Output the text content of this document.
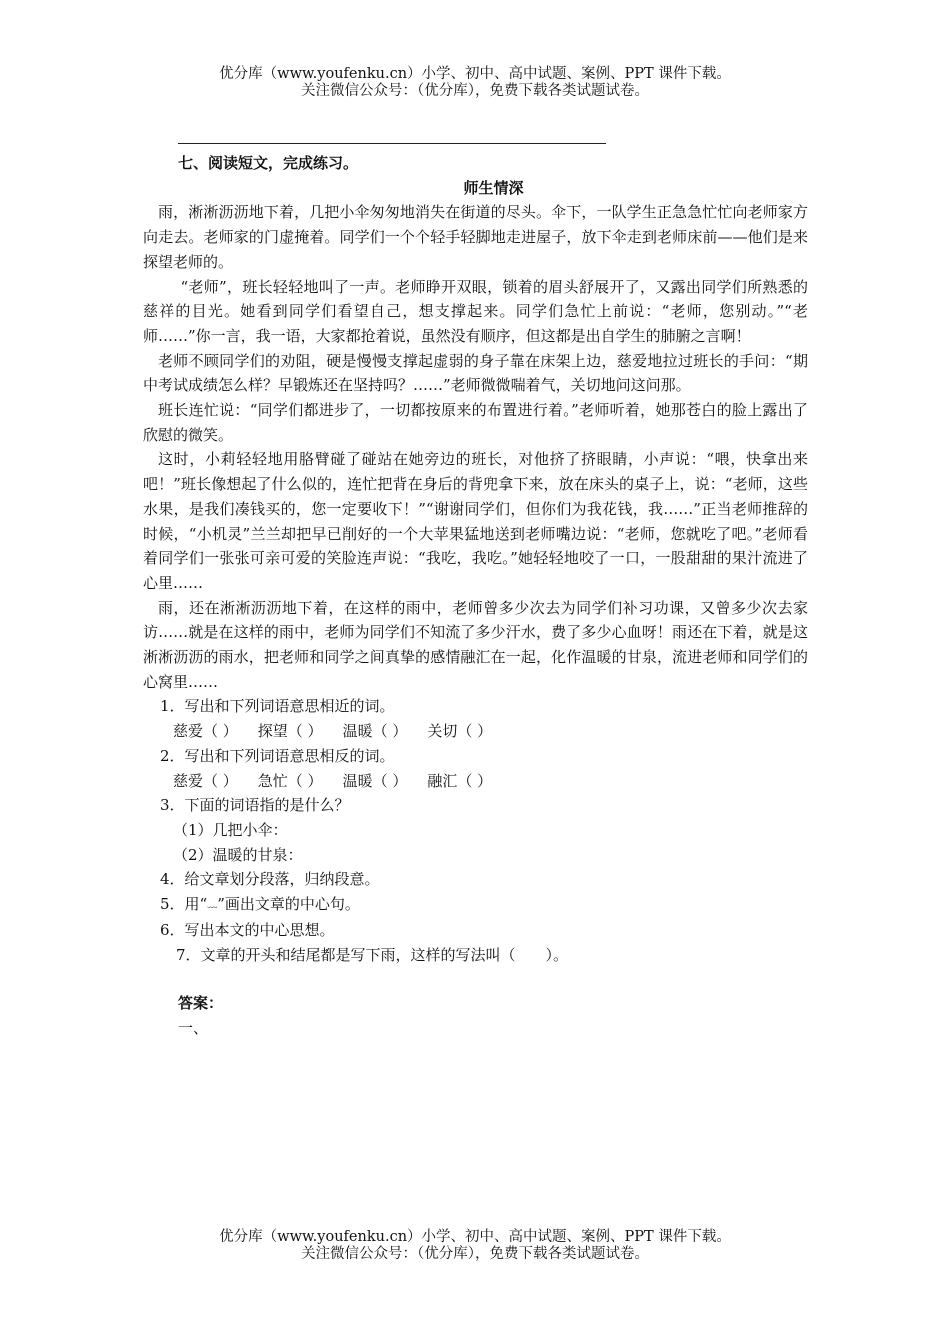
优分库（www.youfenku.cn）小学、初中、高中试题、案例、PPT 课件下载。
关注微信公众号：（优分库），免费下载各类试题试卷。
七、阅读短文，完成练习。
师生情深

雨，淅淅沥沥地下着，几把小伞匆匆地消失在街道的尽头。伞下，一队学生正急急忙忙向老师家方向走去。老师家的门虚掩着。同学们一个个轻手轻脚地走进屋子，放下伞走到老师床前——他们是来探望老师的。

“老师”，班长轻轻地叫了一声。老师睁开双眼，锁着的眉头舒展开了，又露出同学们所熟悉的慈祥的目光。她看到同学们看望自己，想支撑起来。同学们急忙上前说：“老师，您别动。”“老师……”你一言，我一语，大家都抢着说，虽然没有顺序，但这都是出自学生的肺腑之言啊！

老师不顾同学们的劝阻，硬是慢慢支撑起虚弱的身子靠在床架上边，慈爱地拉过班长的手问：“期中考试成绩怎么样？早锻炼还在坚持吗？……”老师微微喘着气，关切地问这问那。

班长连忙说：“同学们都进步了，一切都按原来的布置进行着。”老师听着，她那苍白的脸上露出了欣慰的微笑。

这时，小莉轻轻地用胳臂碰了碰站在她旁边的班长，对他挤了挤眼睛，小声说：“喂，快拿出来吧！”班长像想起了什么似的，连忙把背在身后的背兜拿下来，放在床头的桌子上，说：“老师，这些水果，是我们凑钱买的，您一定要收下！”“谢谢同学们，但你们为我花钱，我……”正当老师推辞的时候，“小机灵”兰兰却把早已削好的一个大苹果猛地送到老师嘴边说：“老师，您就吃了吧。”老师看着同学们一张张可亲可爱的笑脸连声说：“我吃，我吃。”她轻轻地咬了一口，一股甜甜的果汁流进了心里……

雨，还在淅淅沥沥地下着，在这样的雨中，老师曾多少次去为同学们补习功课，又曾多少次去家访……就是在这样的雨中，老师为同学们不知流了多少汗水，费了多少心血呀！雨还在下着，就是这淅淅沥沥的雨水，把老师和同学之间真挚的感情融汇在一起，化作温暖的甘泉，流进老师和同学们的心窝里……

1．写出和下列词语意思相近的词。

慈爱（ ） 探望（ ） 温暖（ ） 关切（ ）

2．写出和下列词语意思相反的词。

慈爱（ ） 急忙（ ） 温暖（ ） 融汇（ ）

3．下面的词语指的是什么？

（1）几把小伞：

（2）温暖的甘泉：

4．给文章划分段落，归纳段意。

5．用“﹏”画出文章的中心句。

6．写出本文的中心思想。

7．文章的开头和结尾都是写下雨，这样的写法叫（　　）。

答案：
一、
优分库（www.youfenku.cn）小学、初中、高中试题、案例、PPT 课件下载。
关注微信公众号：（优分库），免费下载各类试题试卷。
